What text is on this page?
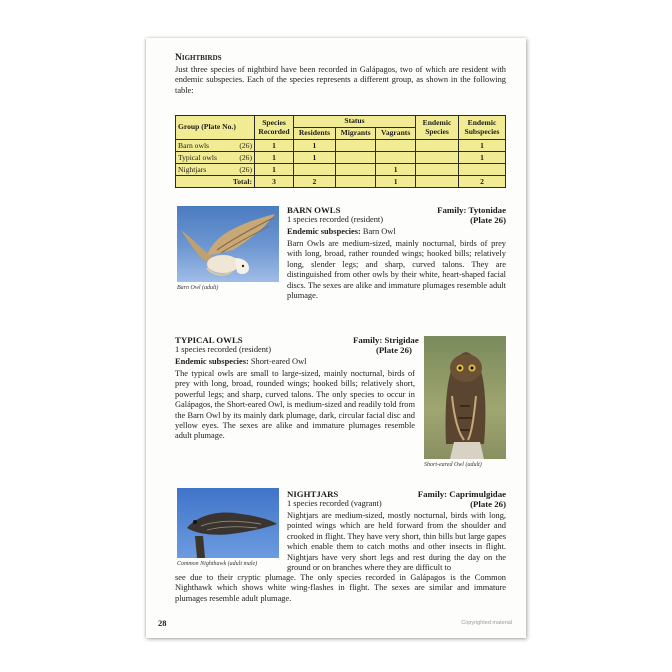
Nightbirds
Just three species of nightbird have been recorded in Galápagos, two of which are resident with endemic subspecies. Each of the species represents a different group, as shown in the following table:
Group (Plate No.)	Species Recorded	Status			Endemic Species	Endemic Subspecies
		Residents	Migrants	Vagrants		
Barn owls (26)	1	1				1
Typical owls (26)	1	1				1
Nightjars (26)	1			1		
Total:	3	2		1		2
Barn Owl (adult)
BARN OWLS	Family: Tytonidae
1 species recorded (resident)	(Plate 26)
Endemic subspecies: Barn Owl
Barn Owls are medium-sized, mainly nocturnal, birds of prey with long, broad, rather rounded wings; hooked bills; relatively long, slender legs; and sharp, curved talons. They are distinguished from other owls by their white, heart-shaped facial discs. The sexes are alike and immature plumages resemble adult plumage.
TYPICAL OWLS	Family: Strigidae
1 species recorded (resident)	(Plate 26)
Endemic subspecies: Short-eared Owl
The typical owls are small to large-sized, mainly nocturnal, birds of prey with long, broad, rounded wings; hooked bills; relatively short, powerful legs; and sharp, curved talons. The only species to occur in Galápagos, the Short-eared Owl, is medium-sized and readily told from the Barn Owl by its mainly dark plumage, dark, circular facial disc and yellow eyes. The sexes are alike and immature plumages resemble adult plumage.
Short-eared Owl (adult)
Common Nighthawk (adult male)
NIGHTJARS	Family: Caprimulgidae
1 species recorded (vagrant)	(Plate 26)
Nightjars are medium-sized, mostly nocturnal, birds with long, pointed wings which are held forward from the shoulder and crooked in flight. They have very short, thin bills but large gapes which enable them to catch moths and other insects in flight. Nightjars have very short legs and rest during the day on the ground or on branches where they are difficult to
see due to their cryptic plumage. The only species recorded in Galápagos is the Common Nighthawk which shows white wing-flashes in flight. The sexes are similar and immature plumages resemble adult plumage.
28	Copyrighted material
